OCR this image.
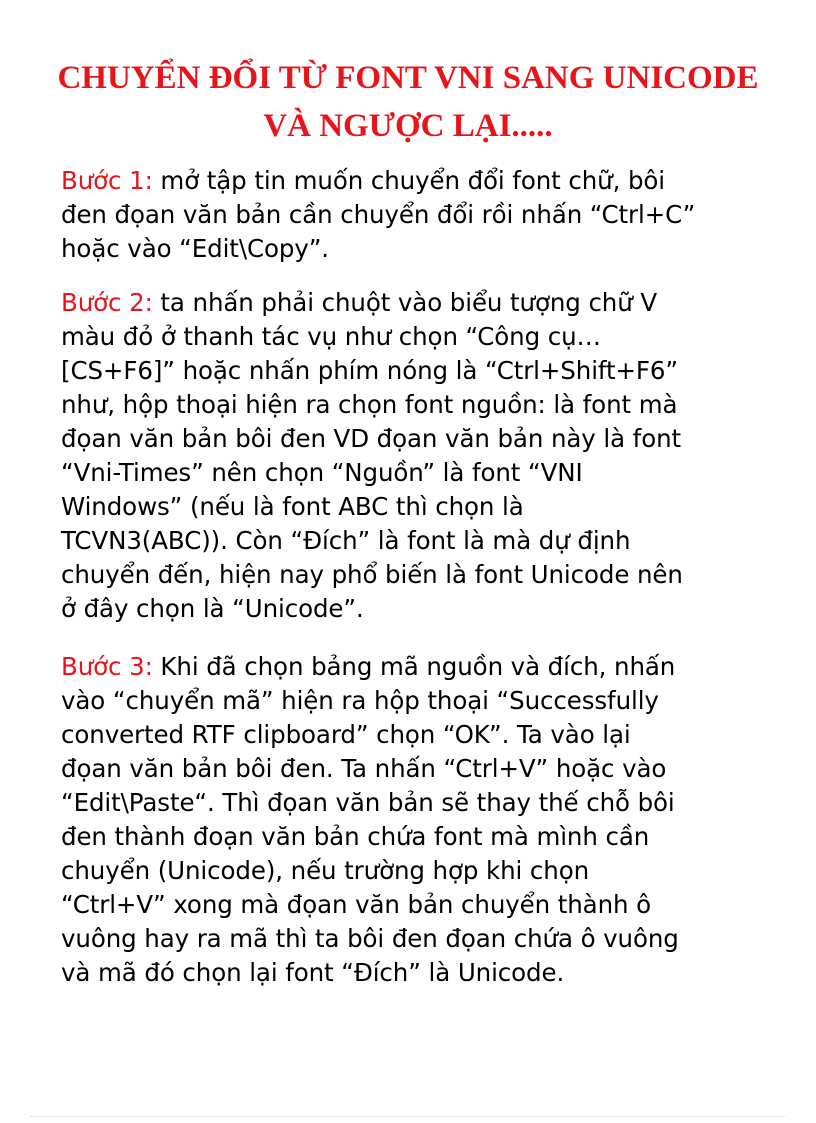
CHUYỂN ĐỔI TỪ FONT VNI SANG UNICODE
VÀ NGƯỢC LẠI.....

Bước 1: mở tập tin muốn chuyển đổi font chữ, bôi
đen đọan văn bản cần chuyển đổi rồi nhấn “Ctrl+C”
hoặc vào “Edit\Copy”.

Bước 2: ta nhấn phải chuột vào biểu tượng chữ V
màu đỏ ở thanh tác vụ như chọn “Công cụ…
[CS+F6]” hoặc nhấn phím nóng là “Ctrl+Shift+F6”
như, hộp thoại hiện ra chọn font nguồn: là font mà
đọan văn bản bôi đen VD đọan văn bản này là font
“Vni-Times” nên chọn “Nguồn” là font “VNI
Windows” (nếu là font ABC thì chọn là
TCVN3(ABC)). Còn “Đích” là font là mà dự định
chuyển đến, hiện nay phổ biến là font Unicode nên
ở đây chọn là “Unicode”.

Bước 3: Khi đã chọn bảng mã nguồn và đích, nhấn
vào “chuyển mã” hiện ra hộp thoại “Successfully
converted RTF clipboard” chọn “OK”. Ta vào lại
đọan văn bản bôi đen. Ta nhấn “Ctrl+V” hoặc vào
“Edit\Paste“. Thì đọan văn bản sẽ thay thế chỗ bôi
đen thành đoạn văn bản chứa font mà mình cần
chuyển (Unicode), nếu trường hợp khi chọn
“Ctrl+V” xong mà đọan văn bản chuyển thành ô
vuông hay ra mã thì ta bôi đen đọan chứa ô vuông
và mã đó chọn lại font “Đích” là Unicode.
